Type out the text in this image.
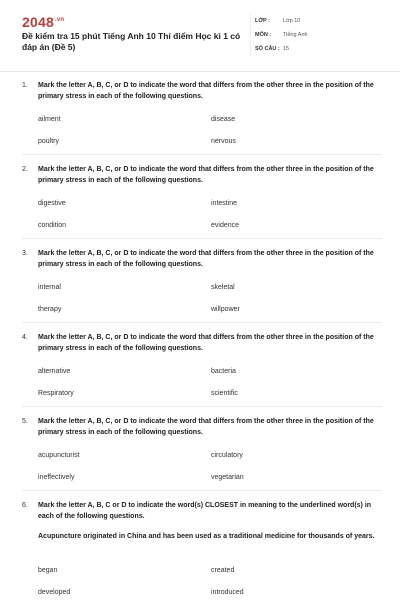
$2048^{.vn}$
Đề kiểm tra 15 phút Tiếng Anh 10 Thí điểm Học kì 1 có đáp án (Đề 5)
LỚP :	Lớp 10
MÔN :	Tiếng Anh
SỐ CÂU : 15
1. Mark the letter A, B, C, or D to indicate the word that differs from the other three in the position of the primary stress in each of the following questions.
ailment	disease
poultry	nervous
2. Mark the letter A, B, C, or D to indicate the word that differs from the other three in the position of the primary stress in each of the following questions.
digestive	intestine
condition	evidence
3. Mark the letter A, B, C, or D to indicate the word that differs from the other three in the position of the primary stress in each of the following questions.
internal	skeletal
therapy	willpower
4. Mark the letter A, B, C, or D to indicate the word that differs from the other three in the position of the primary stress in each of the following questions.
alternative	bacteria
Respiratory	scientific
5. Mark the letter A, B, C, or D to indicate the word that differs from the other three in the position of the primary stress in each of the following questions.
acupuncturist	circulatory
ineffectively	vegetarian
6. Mark the letter A, B, C or D to indicate the word(s) CLOSEST in meaning to the underlined word(s) in each of the following questions.
Acupuncture originated in China and has been used as a traditional medicine for thousands of years.
began	created
developed	introduced
